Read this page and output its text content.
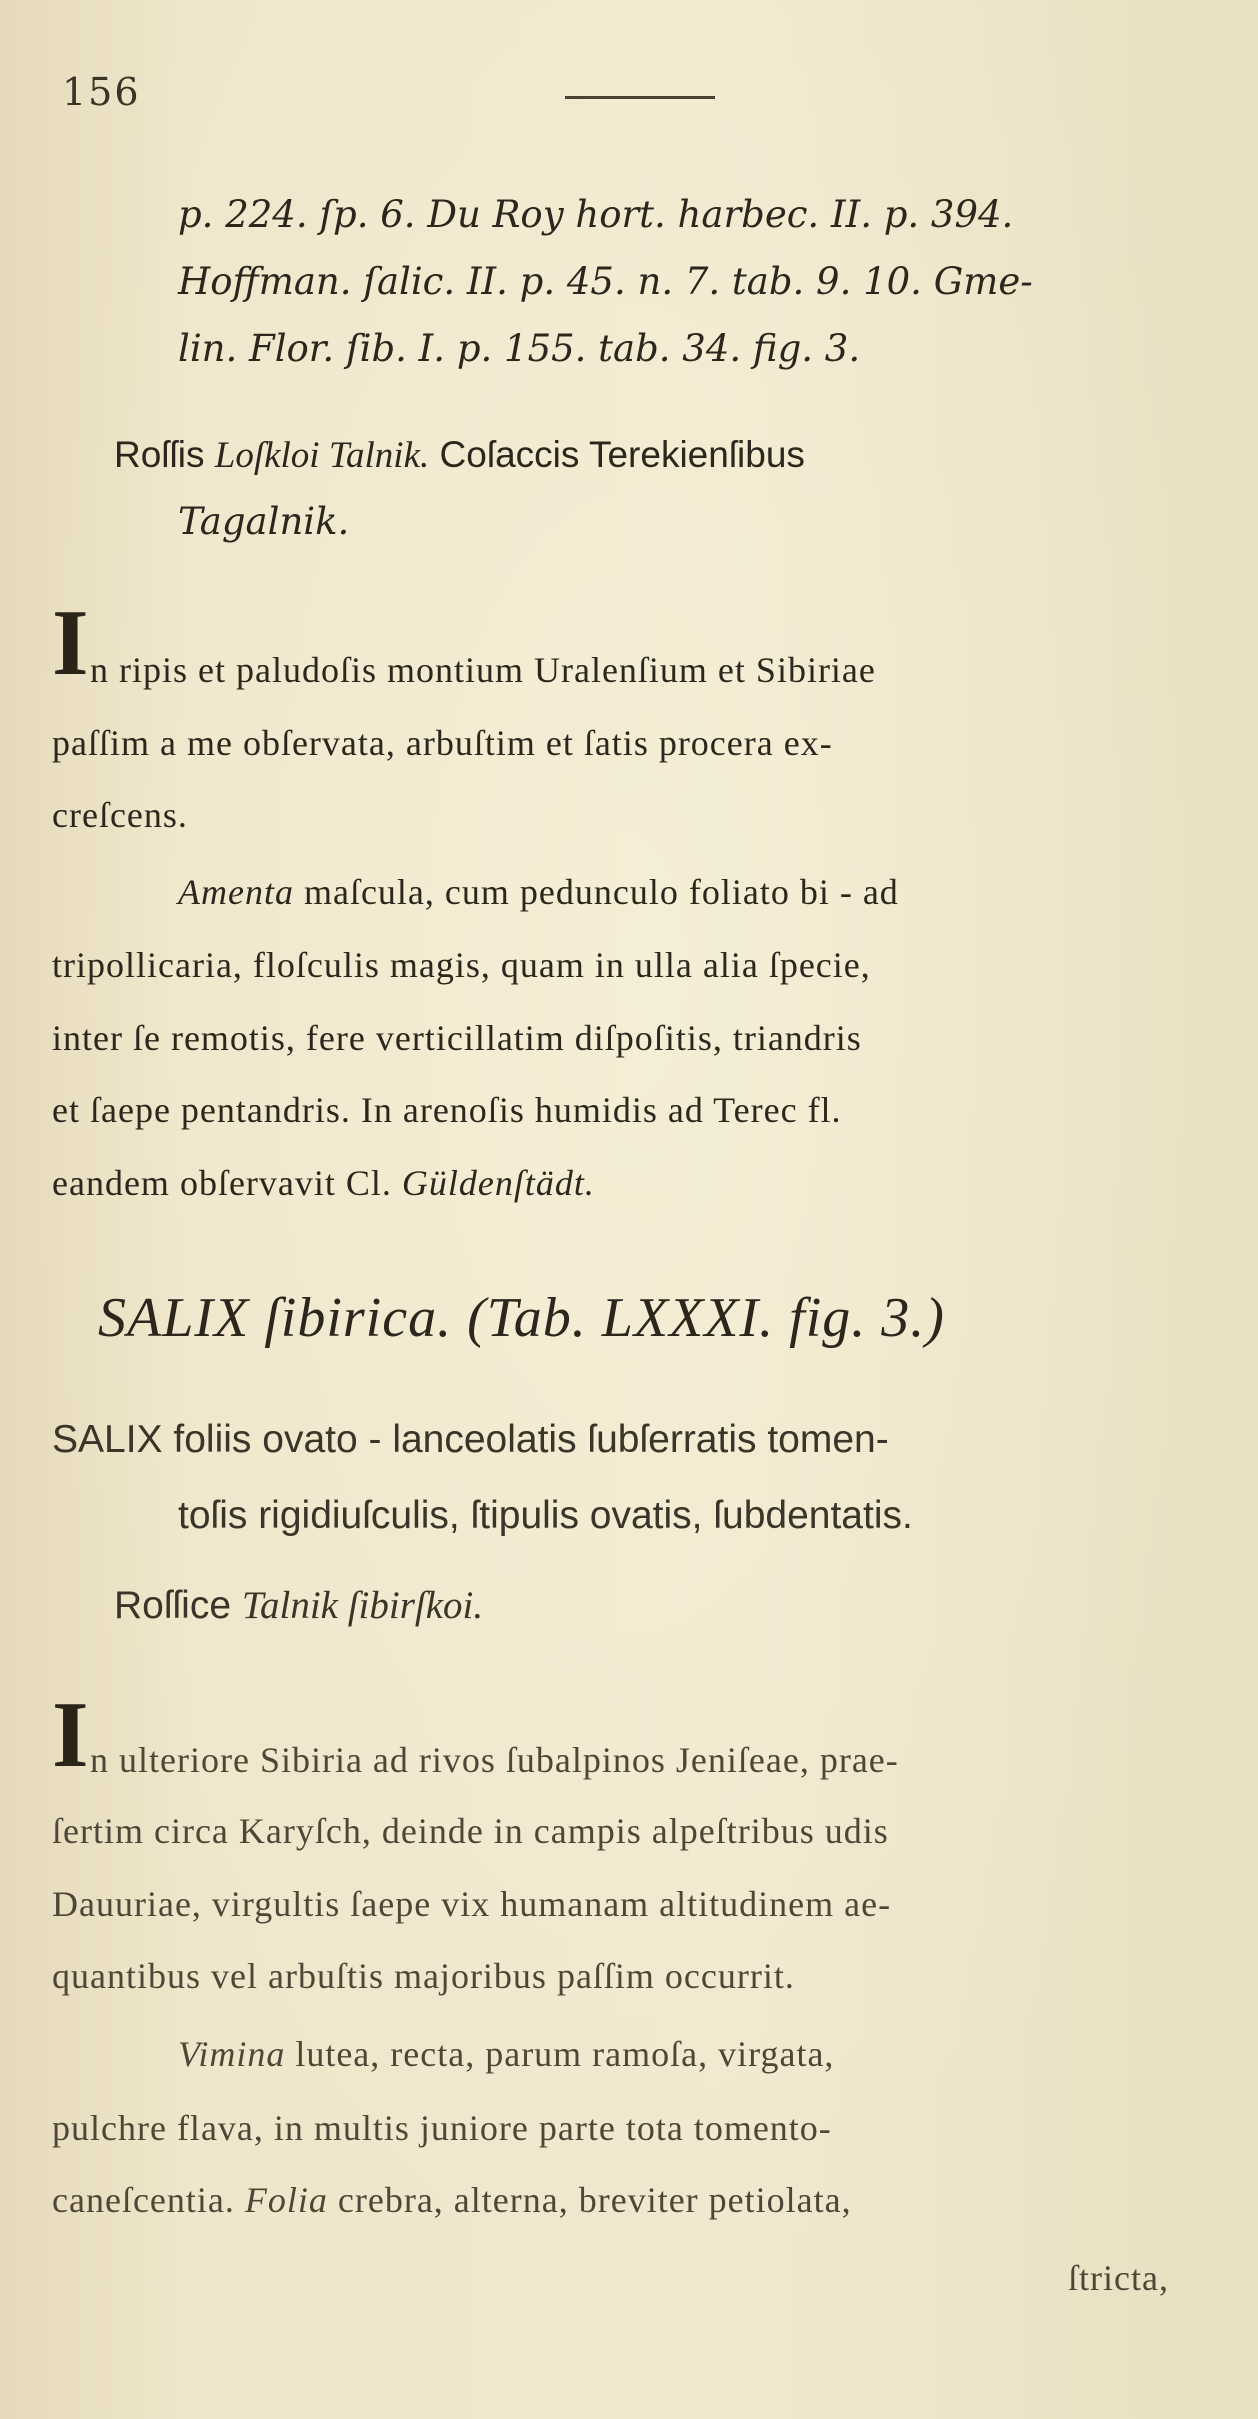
156
p. 224. ſp. 6. Du Roy hort. harbec. II. p. 394.
Hoffman. ſalic. II. p. 45. n. 7. tab. 9. 10. Gme-
lin. Flor. ſib. I. p. 155. tab. 34. fig. 3.
Roſſis Loſkloi Talnik. Coſaccis Terekienſibus
Tagalnik.
I n ripis et paludoſis montium Uralenſium et Sibiriae
paſſim a me obſervata, arbuſtim et ſatis procera ex-
creſcens.
Amenta maſcula, cum pedunculo foliato bi - ad
tripollicaria, floſculis magis, quam in ulla alia ſpecie,
inter ſe remotis, fere verticillatim diſpoſitis, triandris
et ſaepe pentandris. In arenoſis humidis ad Terec fl.
eandem obſervavit Cl. Güldenſtädt.
SALIX ſibirica. (Tab. LXXXI. fig. 3.)
SALIX foliis ovato - lanceolatis ſubſerratis tomen-
toſis rigidiuſculis, ſtipulis ovatis, ſubdentatis.
Roſſice Talnik ſibirſkoi.
I n ulteriore Sibiria ad rivos ſubalpinos Jeniſeae, prae-
ſertim circa Karyſch, deinde in campis alpeſtribus udis
Dauuriae, virgultis ſaepe vix humanam altitudinem ae-
quantibus vel arbuſtis majoribus paſſim occurrit.
Vimina lutea, recta, parum ramoſa, virgata,
pulchre flava, in multis juniore parte tota tomento-
caneſcentia. Folia crebra, alterna, breviter petiolata,
ſtricta,
